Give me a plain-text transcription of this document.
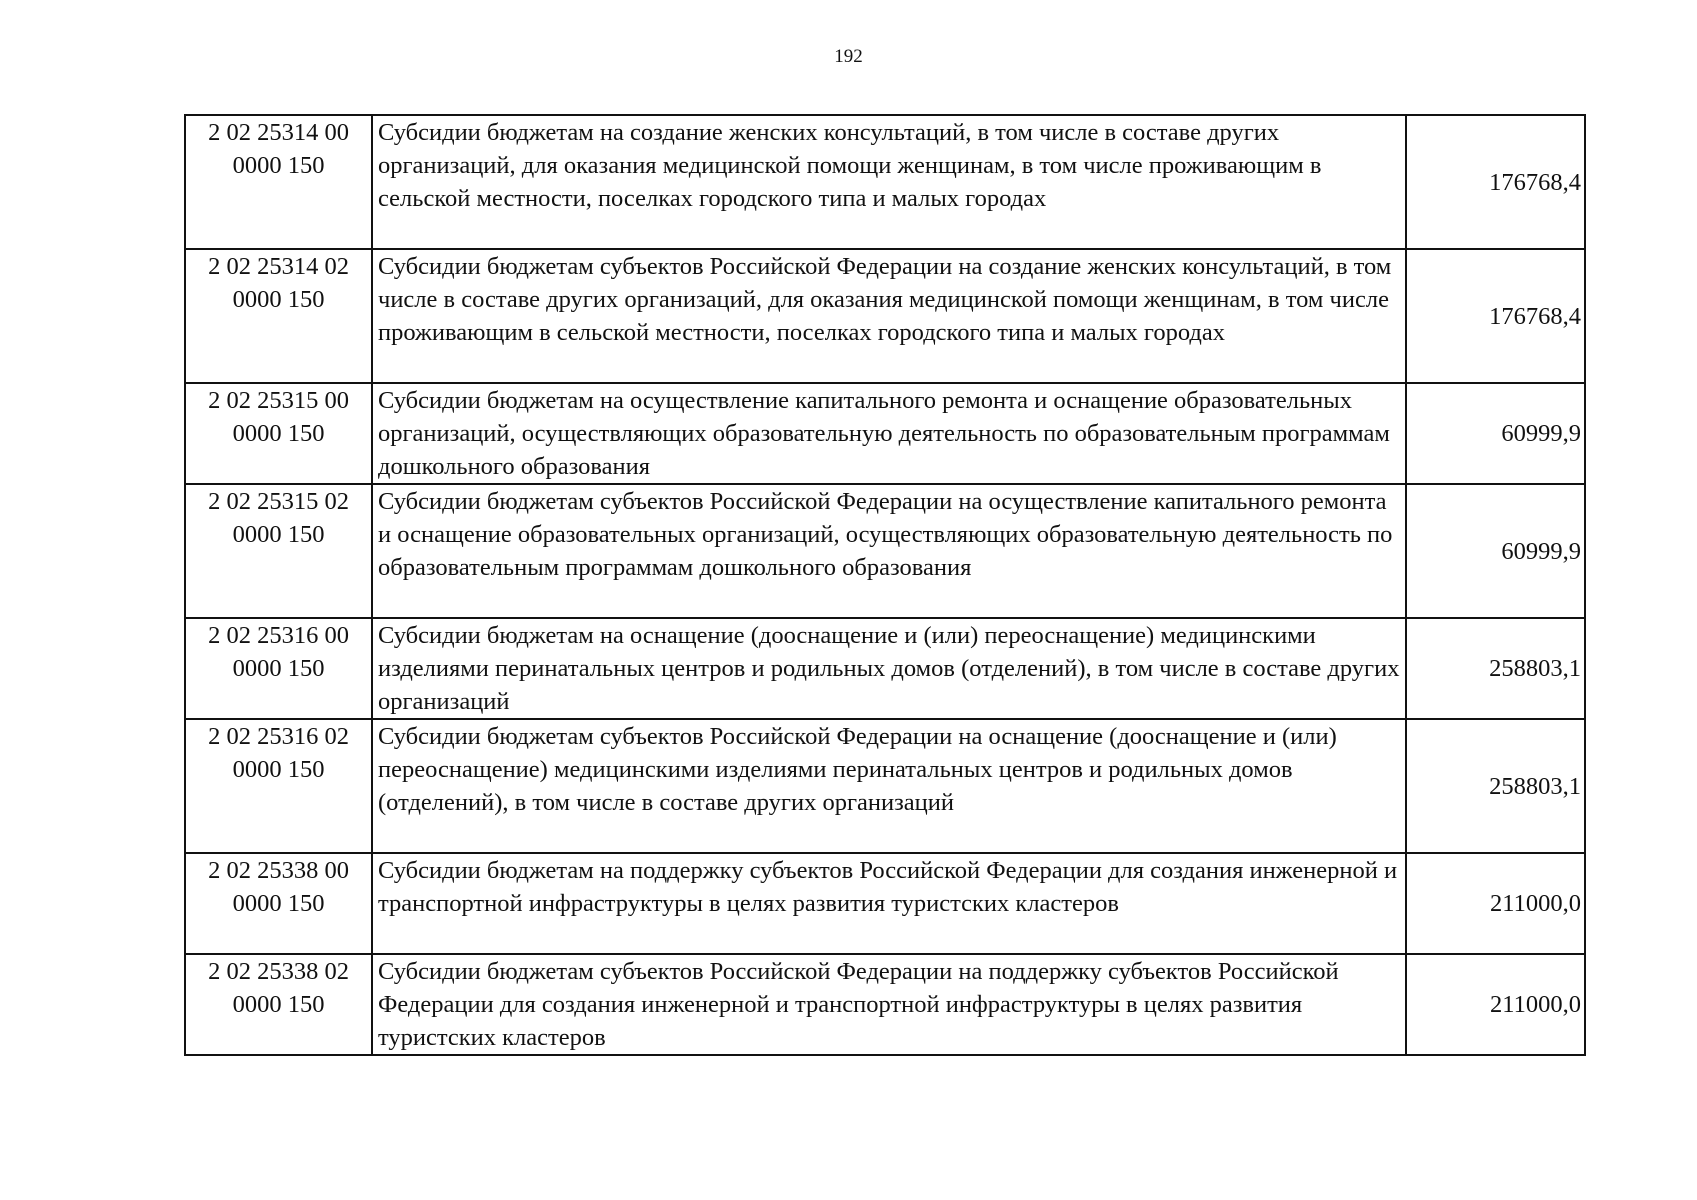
192
2 02 25314 00
0000 150	Субсидии бюджетам на создание женских консультаций, в том числе в составе других организаций, для оказания медицинской помощи женщинам, в том числе проживающим в сельской местности, поселках городского типа и малых городах	176768,4

2 02 25314 02
0000 150	Субсидии бюджетам субъектов Российской Федерации на создание женских консультаций, в том числе в составе других организаций, для оказания медицинской помощи женщинам, в том числе проживающим в сельской местности, поселках городского типа и малых городах	176768,4

2 02 25315 00
0000 150	Субсидии бюджетам на осуществление капитального ремонта и оснащение образовательных организаций, осуществляющих образовательную деятельность по образовательным программам дошкольного образования	60999,9

2 02 25315 02
0000 150	Субсидии бюджетам субъектов Российской Федерации на осуществление капитального ремонта и оснащение образовательных организаций, осуществляющих образовательную деятельность по образовательным программам дошкольного образования	60999,9

2 02 25316 00
0000 150	Субсидии бюджетам на оснащение (дооснащение и (или) переоснащение) медицинскими изделиями перинатальных центров и родильных домов (отделений), в том числе в составе других организаций	258803,1

2 02 25316 02
0000 150	Субсидии бюджетам субъектов Российской Федерации на оснащение (дооснащение и (или) переоснащение) медицинскими изделиями перинатальных центров и родильных домов (отделений), в том числе в составе других организаций	258803,1

2 02 25338 00
0000 150	Субсидии бюджетам на поддержку субъектов Российской Федерации для создания инженерной и транспортной инфраструктуры в целях развития туристских кластеров	211000,0

2 02 25338 02
0000 150	Субсидии бюджетам субъектов Российской Федерации на поддержку субъектов Российской Федерации для создания инженерной и транспортной инфраструктуры в целях развития туристских кластеров	211000,0
